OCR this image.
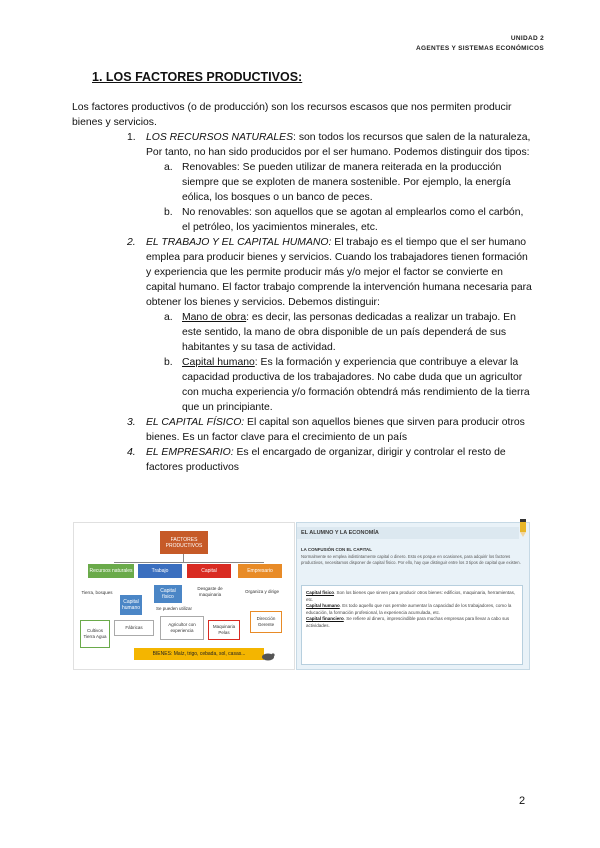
UNIDAD 2
AGENTES Y SISTEMAS ECONÓMICOS
1. LOS FACTORES PRODUCTIVOS:

Los factores productivos (o de producción) son los recursos escasos que nos permiten producir bienes y servicios.

1. LOS RECURSOS NATURALES: son todos los recursos que salen de la naturaleza, Por tanto, no han sido producidos por el ser humano. Podemos distinguir dos tipos:
a. Renovables: Se pueden utilizar de manera reiterada en la producción siempre que se exploten de manera sostenible. Por ejemplo, la energía eólica, los bosques o un banco de peces.
b. No renovables: son aquellos que se agotan al emplearlos como el carbón, el petróleo, los yacimientos minerales, etc.
2. EL TRABAJO Y EL CAPITAL HUMANO: El trabajo es el tiempo que el ser humano emplea para producir bienes y servicios. Cuando los trabajadores tienen formación y experiencia que les permite producir más y/o mejor el factor se convierte en capital humano. El factor trabajo comprende la intervención humana necesaria para obtener los bienes y servicios. Debemos distinguir:
a. Mano de obra: es decir, las personas dedicadas a realizar un trabajo. En este sentido, la mano de obra disponible de un país dependerá de sus habitantes y su tasa de actividad.
b. Capital humano: Es la formación y experiencia que contribuye a elevar la capacidad productiva de los trabajadores. No cabe duda que un agricultor con mucha experiencia y/o formación obtendrá más rendimiento de la tierra que un principiante.
3. EL CAPITAL FÍSICO: El capital son aquellos bienes que sirven para producir otros bienes. Es un factor clave para el crecimiento de un país
4. EL EMPRESARIO: Es el encargado de organizar, dirigir y controlar el resto de factores productivos
FACTORES PRODUCTIVOS
Recursos naturales	Trabajo	Capital	Empresario
Capital humano
Capital físico
Tierra, bosques
Desgaste de maquinaria
Organiza y dirige
Se pueden utilizar
Cultivos Tierra Agua
Fábricas
Agricultor con experiencia
Maquinaria Pelas
Dirección Gerente
BIENES: Maíz, trigo, cebada, sol, casas...
EL ALUMNO Y LA ECONOMÍA
LA CONFUSIÓN CON EL CAPITAL
Normalmente se emplea indistintamente capital o dinero. Esto es porque en ocasiones, para adquirir los factores productivos, necesitamos disponer de capital físico. Por ello, hay que distinguir entre los 3 tipos de capital que existen.
Capital físico. Son los bienes que sirven para producir otros bienes: edificios, maquinaria, herramientas, etc.
Capital humano. Es todo aquello que nos permite aumentar la capacidad de los trabajadores, como la educación, la formación profesional, la experiencia acumulada, etc.
Capital financiero. Se refiere al dinero, imprescindible para muchas empresas para llevar a cabo sus actividades.
2
